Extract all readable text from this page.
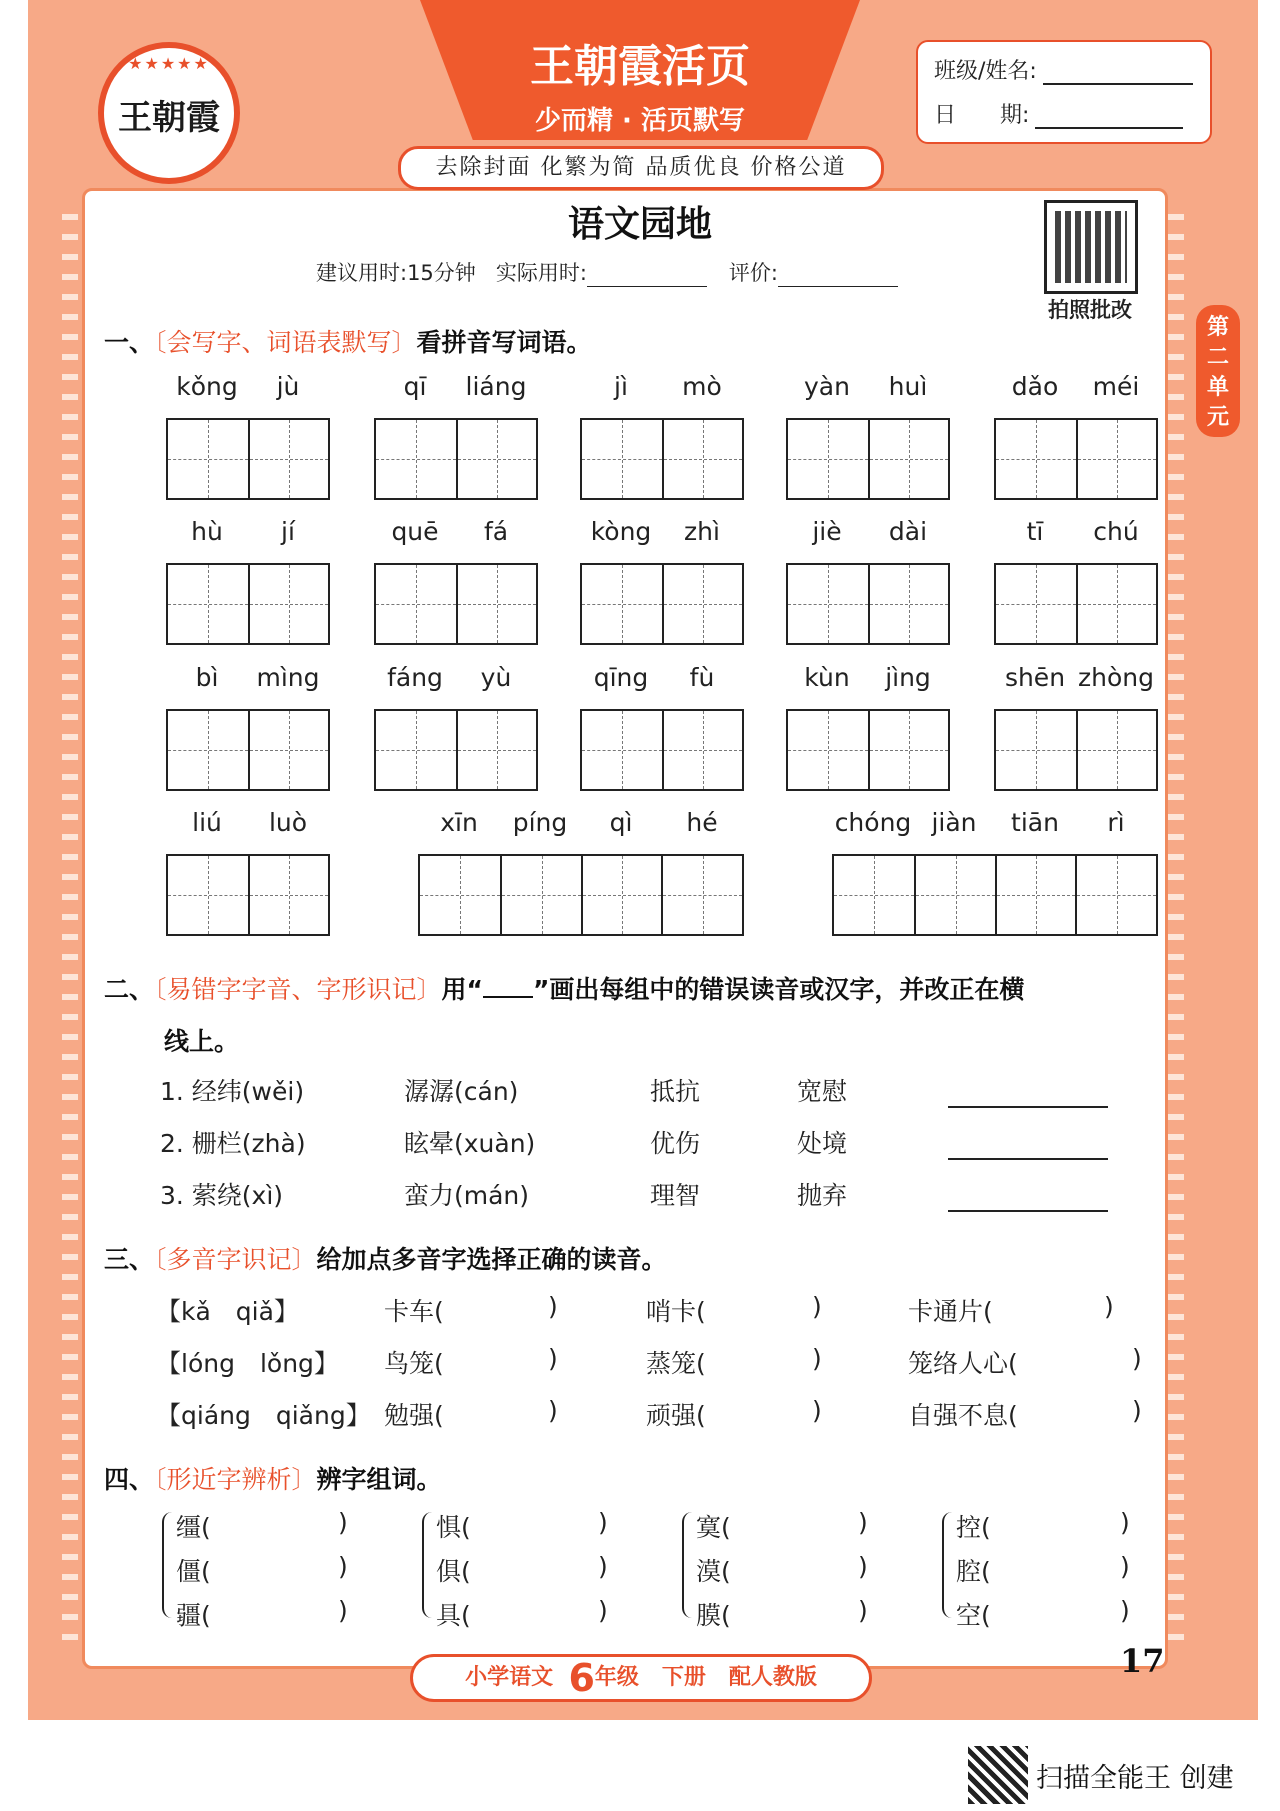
★★★★★
王朝霞
王朝霞活页
少而精 · 活页默写
去除封面 化繁为简 品质优良 价格公道
班级/姓名:
日　　期:
语文园地
建议用时:15分钟 实际用时:	评价:
拍照批改
第二单元
一、〔会写字、词语表默写〕看拼音写词语。
kǒng	jù	qī	liáng	jì	mò	yàn	huì	dǎo	méi
hù	jí	quē	fá	kòng	zhì	jiè	dài	tī	chú
bì	mìng	fáng	yù	qīng	fù	kùn	jìng	shēn zhòng
liú	luò	xīn	píng	qì	hé	chóng jiàn	tiān	rì
二、〔易错字字音、字形识记〕用“ ”画出每组中的错误读音或汉字，并改正在横
线上。
1. 经纬(wěi)	潺潺(cán)	抵抗	宽慰
2. 栅栏(zhà)	眩晕(xuàn)	优伤	处境
3. 萦绕(xì)	蛮力(mán)	理智	抛弃
三、〔多音字识记〕给加点多音字选择正确的读音。
【kǎ　qiǎ】	卡车(	)	哨卡(	)	卡通片(	)
【lóng　lǒng】 鸟笼(	)	蒸笼(	)	笼络人心(	)
【qiáng　qiǎng】 勉强(	)	顽强(	)	自强不息(	)
四、〔形近字辨析〕辨字组词。
缰(	)
僵(	)
疆(	)
惧(	)
俱(	)
具(	)
寞(	)
漠(	)
膜(	)
控(	)
腔(	)
空(	)
小学语文 6年级 下册 配人教版	17
扫描全能王 创建
